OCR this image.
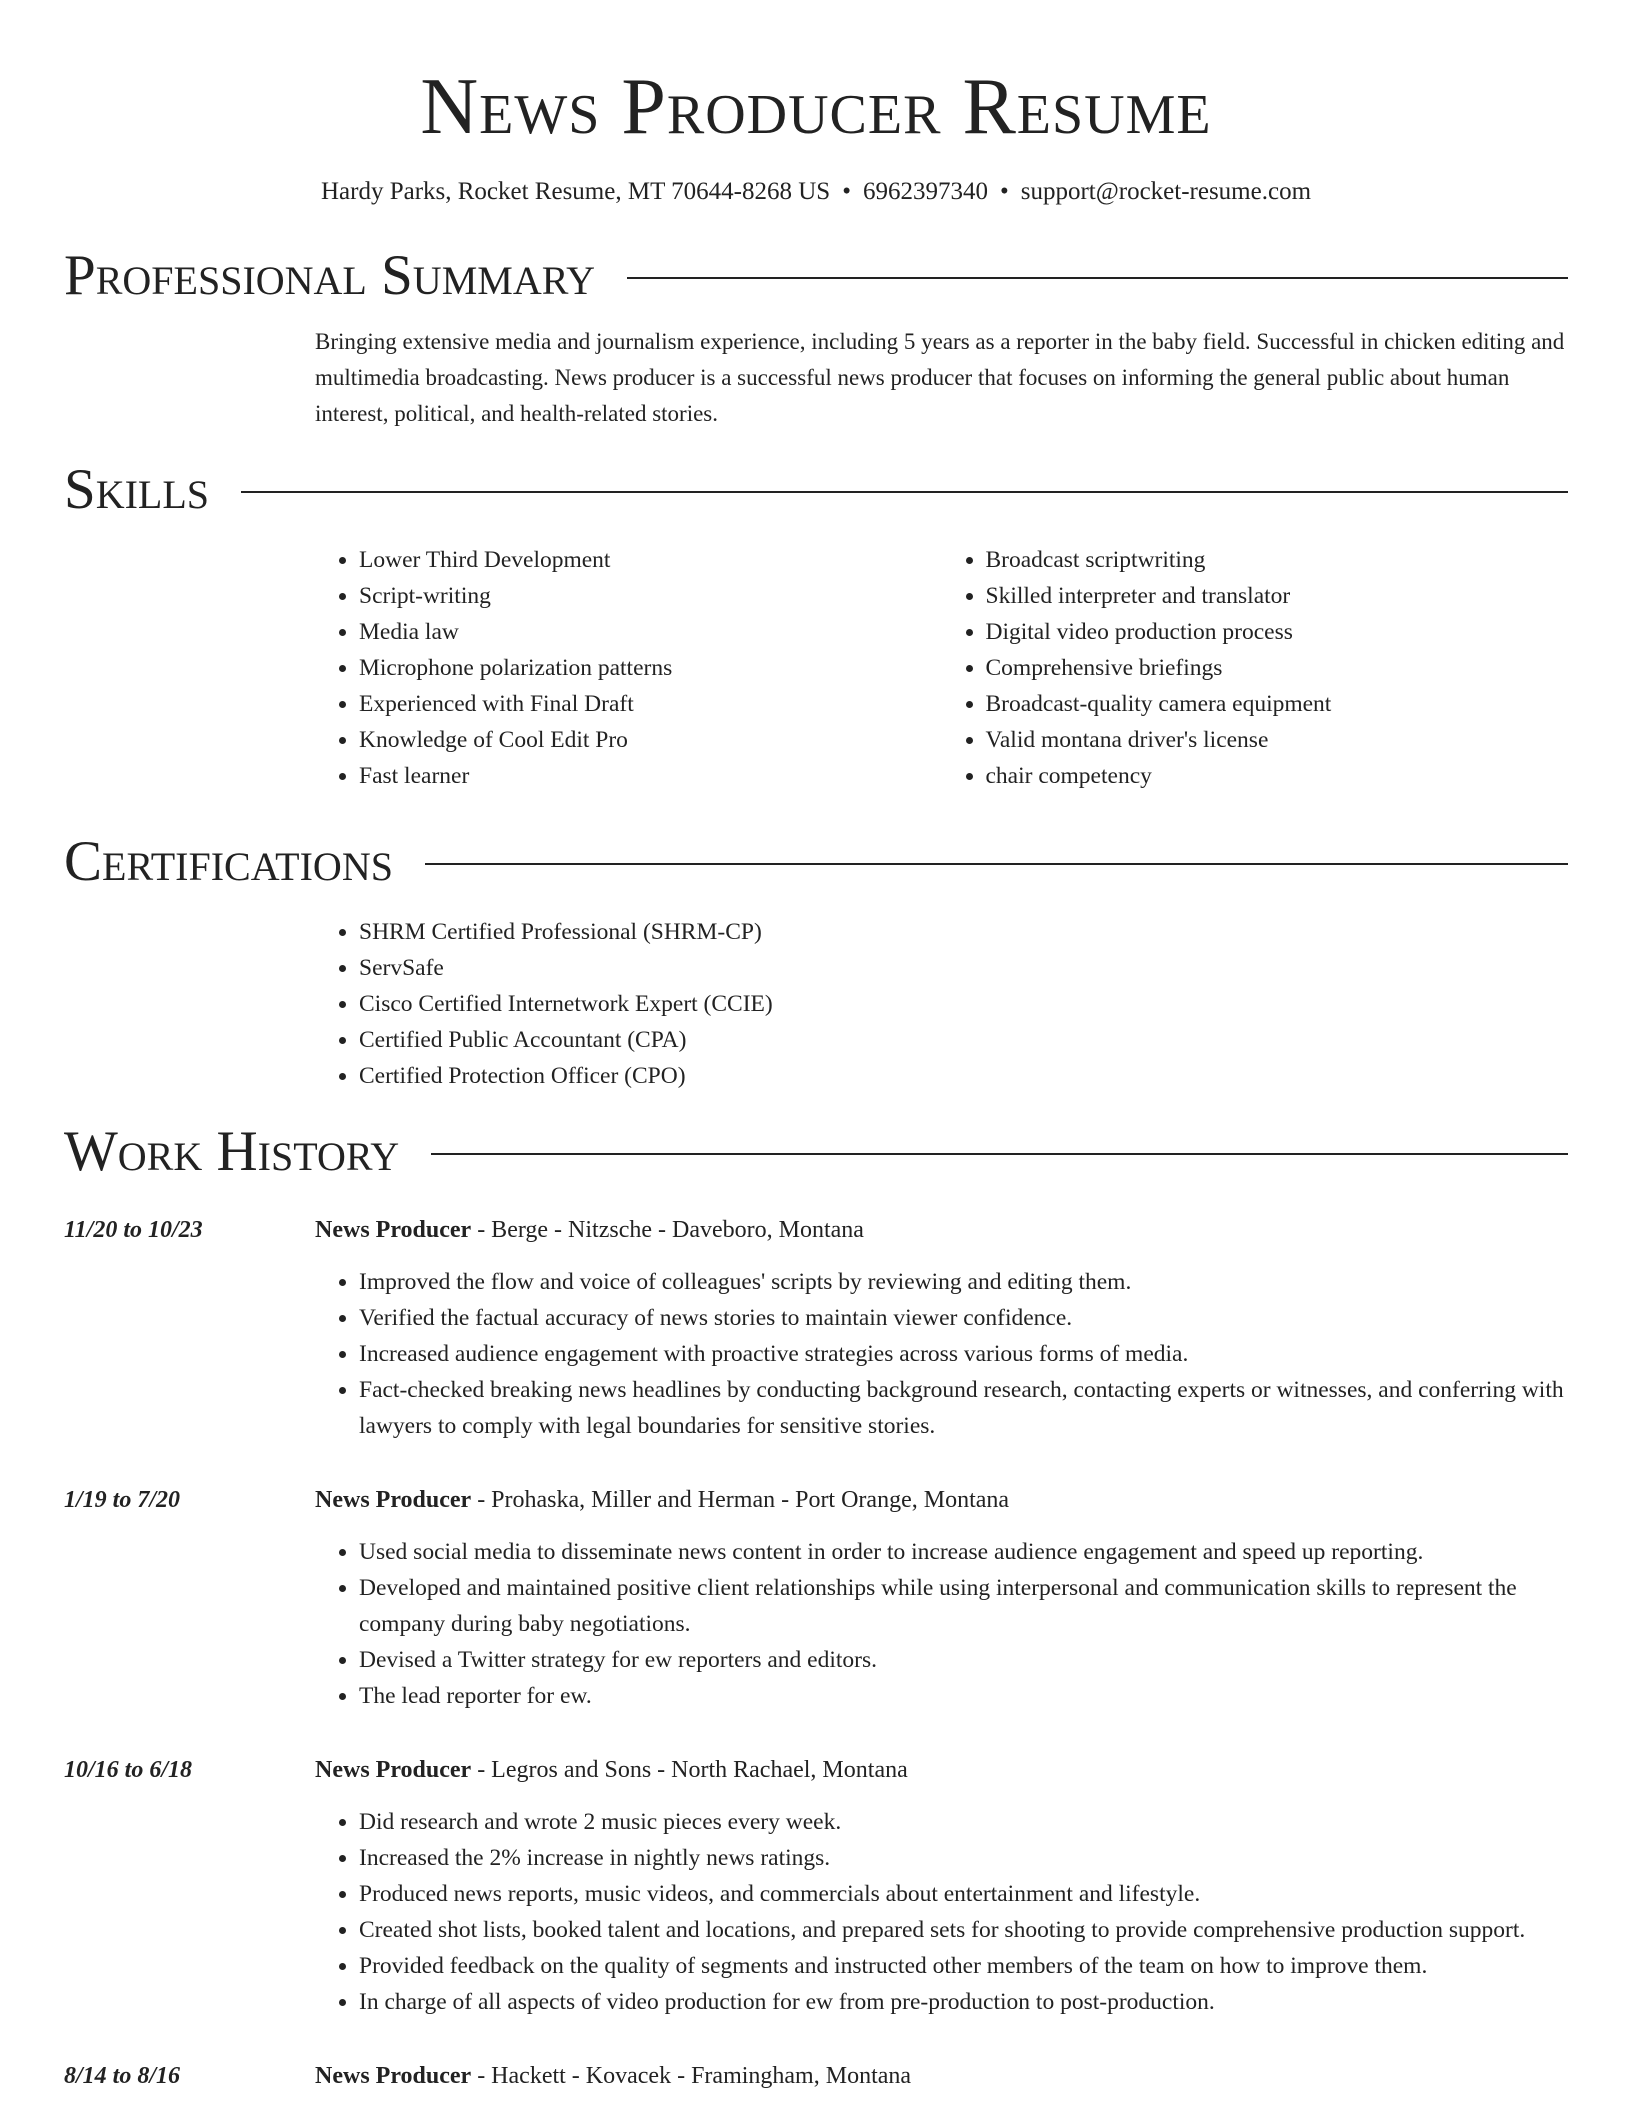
News Producer Resume
Hardy Parks, Rocket Resume, MT 70644-8268 US • 6962397340 • support@rocket-resume.com
Professional Summary
Bringing extensive media and journalism experience, including 5 years as a reporter in the baby field. Successful in chicken editing and multimedia broadcasting. News producer is a successful news producer that focuses on informing the general public about human interest, political, and health-related stories.
Skills
• Lower Third Development
• Script-writing
• Media law
• Microphone polarization patterns
• Experienced with Final Draft
• Knowledge of Cool Edit Pro
• Fast learner
• Broadcast scriptwriting
• Skilled interpreter and translator
• Digital video production process
• Comprehensive briefings
• Broadcast-quality camera equipment
• Valid montana driver's license
• chair competency
Certifications
• SHRM Certified Professional (SHRM-CP)
• ServSafe
• Cisco Certified Internetwork Expert (CCIE)
• Certified Public Accountant (CPA)
• Certified Protection Officer (CPO)
Work History
11/20 to 10/23	News Producer - Berge - Nitzsche - Daveboro, Montana
• Improved the flow and voice of colleagues' scripts by reviewing and editing them.
• Verified the factual accuracy of news stories to maintain viewer confidence.
• Increased audience engagement with proactive strategies across various forms of media.
• Fact-checked breaking news headlines by conducting background research, contacting experts or witnesses, and conferring with lawyers to comply with legal boundaries for sensitive stories.
1/19 to 7/20	News Producer - Prohaska, Miller and Herman - Port Orange, Montana
• Used social media to disseminate news content in order to increase audience engagement and speed up reporting.
• Developed and maintained positive client relationships while using interpersonal and communication skills to represent the company during baby negotiations.
• Devised a Twitter strategy for ew reporters and editors.
• The lead reporter for ew.
10/16 to 6/18	News Producer - Legros and Sons - North Rachael, Montana
• Did research and wrote 2 music pieces every week.
• Increased the 2% increase in nightly news ratings.
• Produced news reports, music videos, and commercials about entertainment and lifestyle.
• Created shot lists, booked talent and locations, and prepared sets for shooting to provide comprehensive production support.
• Provided feedback on the quality of segments and instructed other members of the team on how to improve them.
• In charge of all aspects of video production for ew from pre-production to post-production.
8/14 to 8/16	News Producer - Hackett - Kovacek - Framingham, Montana
